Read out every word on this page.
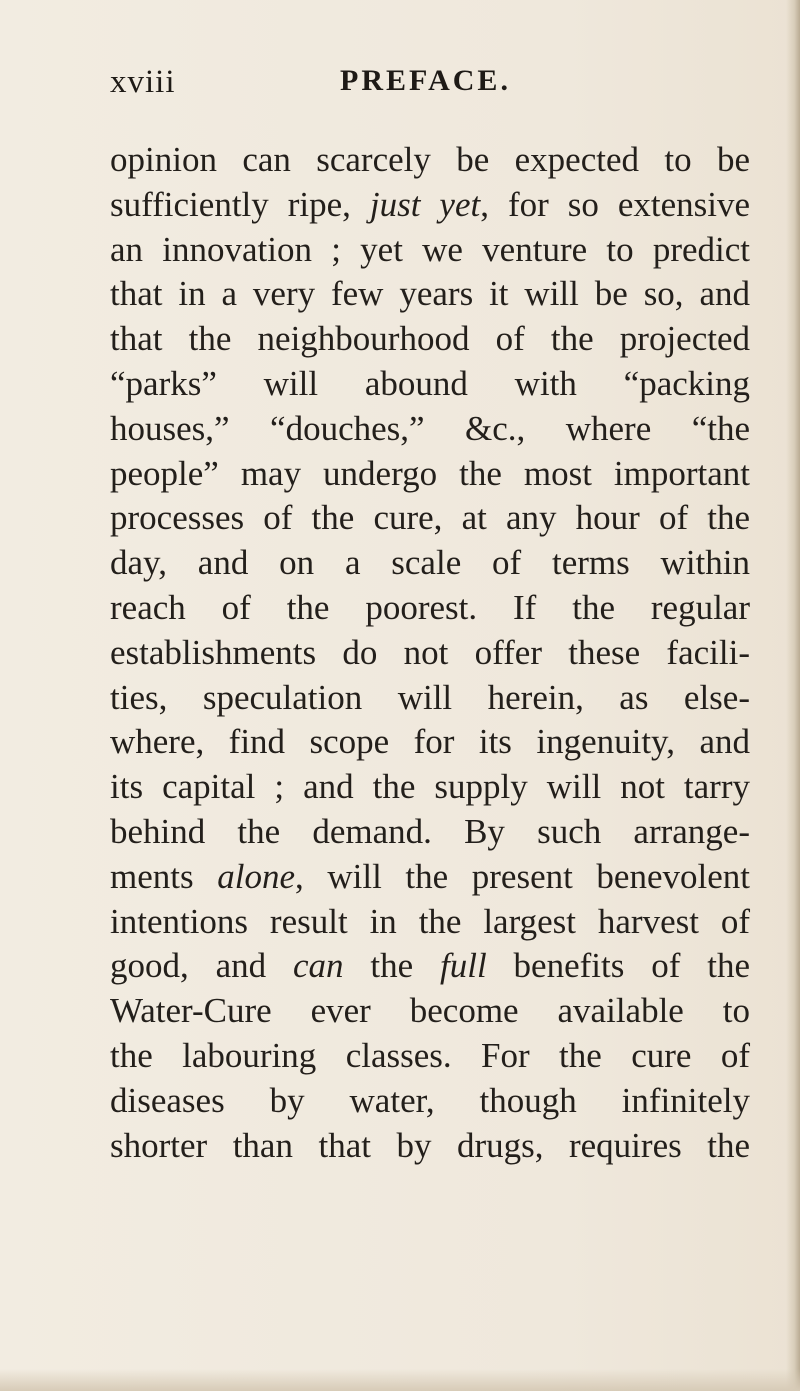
xviii	PREFACE.
opinion can scarcely be expected to be
sufficiently ripe, just yet, for so extensive
an innovation ; yet we venture to predict
that in a very few years it will be so, and
that the neighbourhood of the projected
“parks” will abound with “packing
houses,” “douches,” &c., where “the
people” may undergo the most important
processes of the cure, at any hour of the
day, and on a scale of terms within
reach of the poorest. If the regular
establishments do not offer these facili-
ties, speculation will herein, as else-
where, find scope for its ingenuity, and
its capital ; and the supply will not tarry
behind the demand. By such arrange-
ments alone, will the present benevolent
intentions result in the largest harvest of
good, and can the full benefits of the
Water-Cure ever become available to
the labouring classes. For the cure of
diseases by water, though infinitely
shorter than that by drugs, requires the
